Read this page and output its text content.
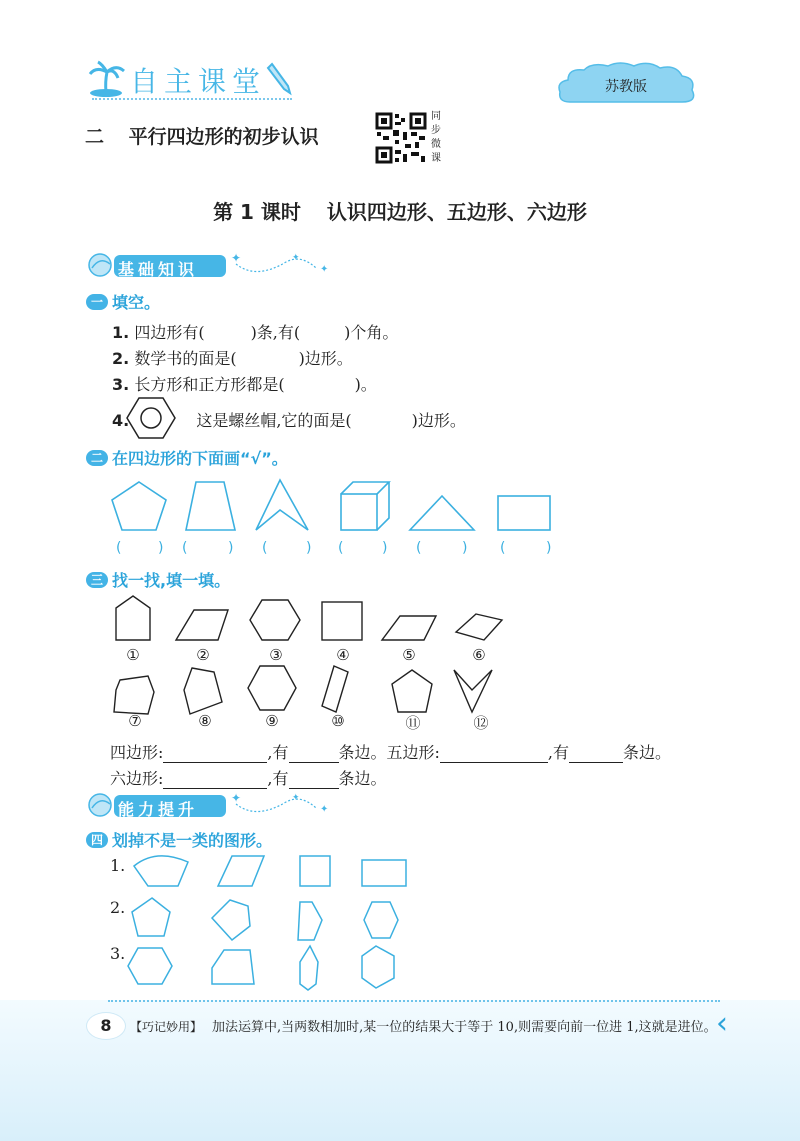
自主课堂	苏教版
二 平行四边形的初步认识
同
步
微
课
第 1 课时 认识四边形、五边形、六边形
✦	✦
✦
基础知识
一 填空。
1. 四边形有(	)条,有(	)个角。
2. 数学书的面是(	)边形。
3. 长方形和正方形都是(	)。
4.	这是螺丝帽,它的面是(	)边形。
二 在四边形的下面画“√”。
(	) (	) (	) (	) (	) (	)
三 找一找,填一填。
①	②	③	④	⑤	⑥
⑦	⑧	⑨	⑩	⑪	⑫
四边形:	,有	条边。五边形:	,有	条边。
六边形:	,有	条边。
✦	✦
✦
能力提升
四 划掉不是一类的图形。
1.
2.
3.
8	【巧记妙用】 加法运算中,当两数相加时,某一位的结果大于等于 10,则需要向前一位进 1,这就是进位。 ‹
